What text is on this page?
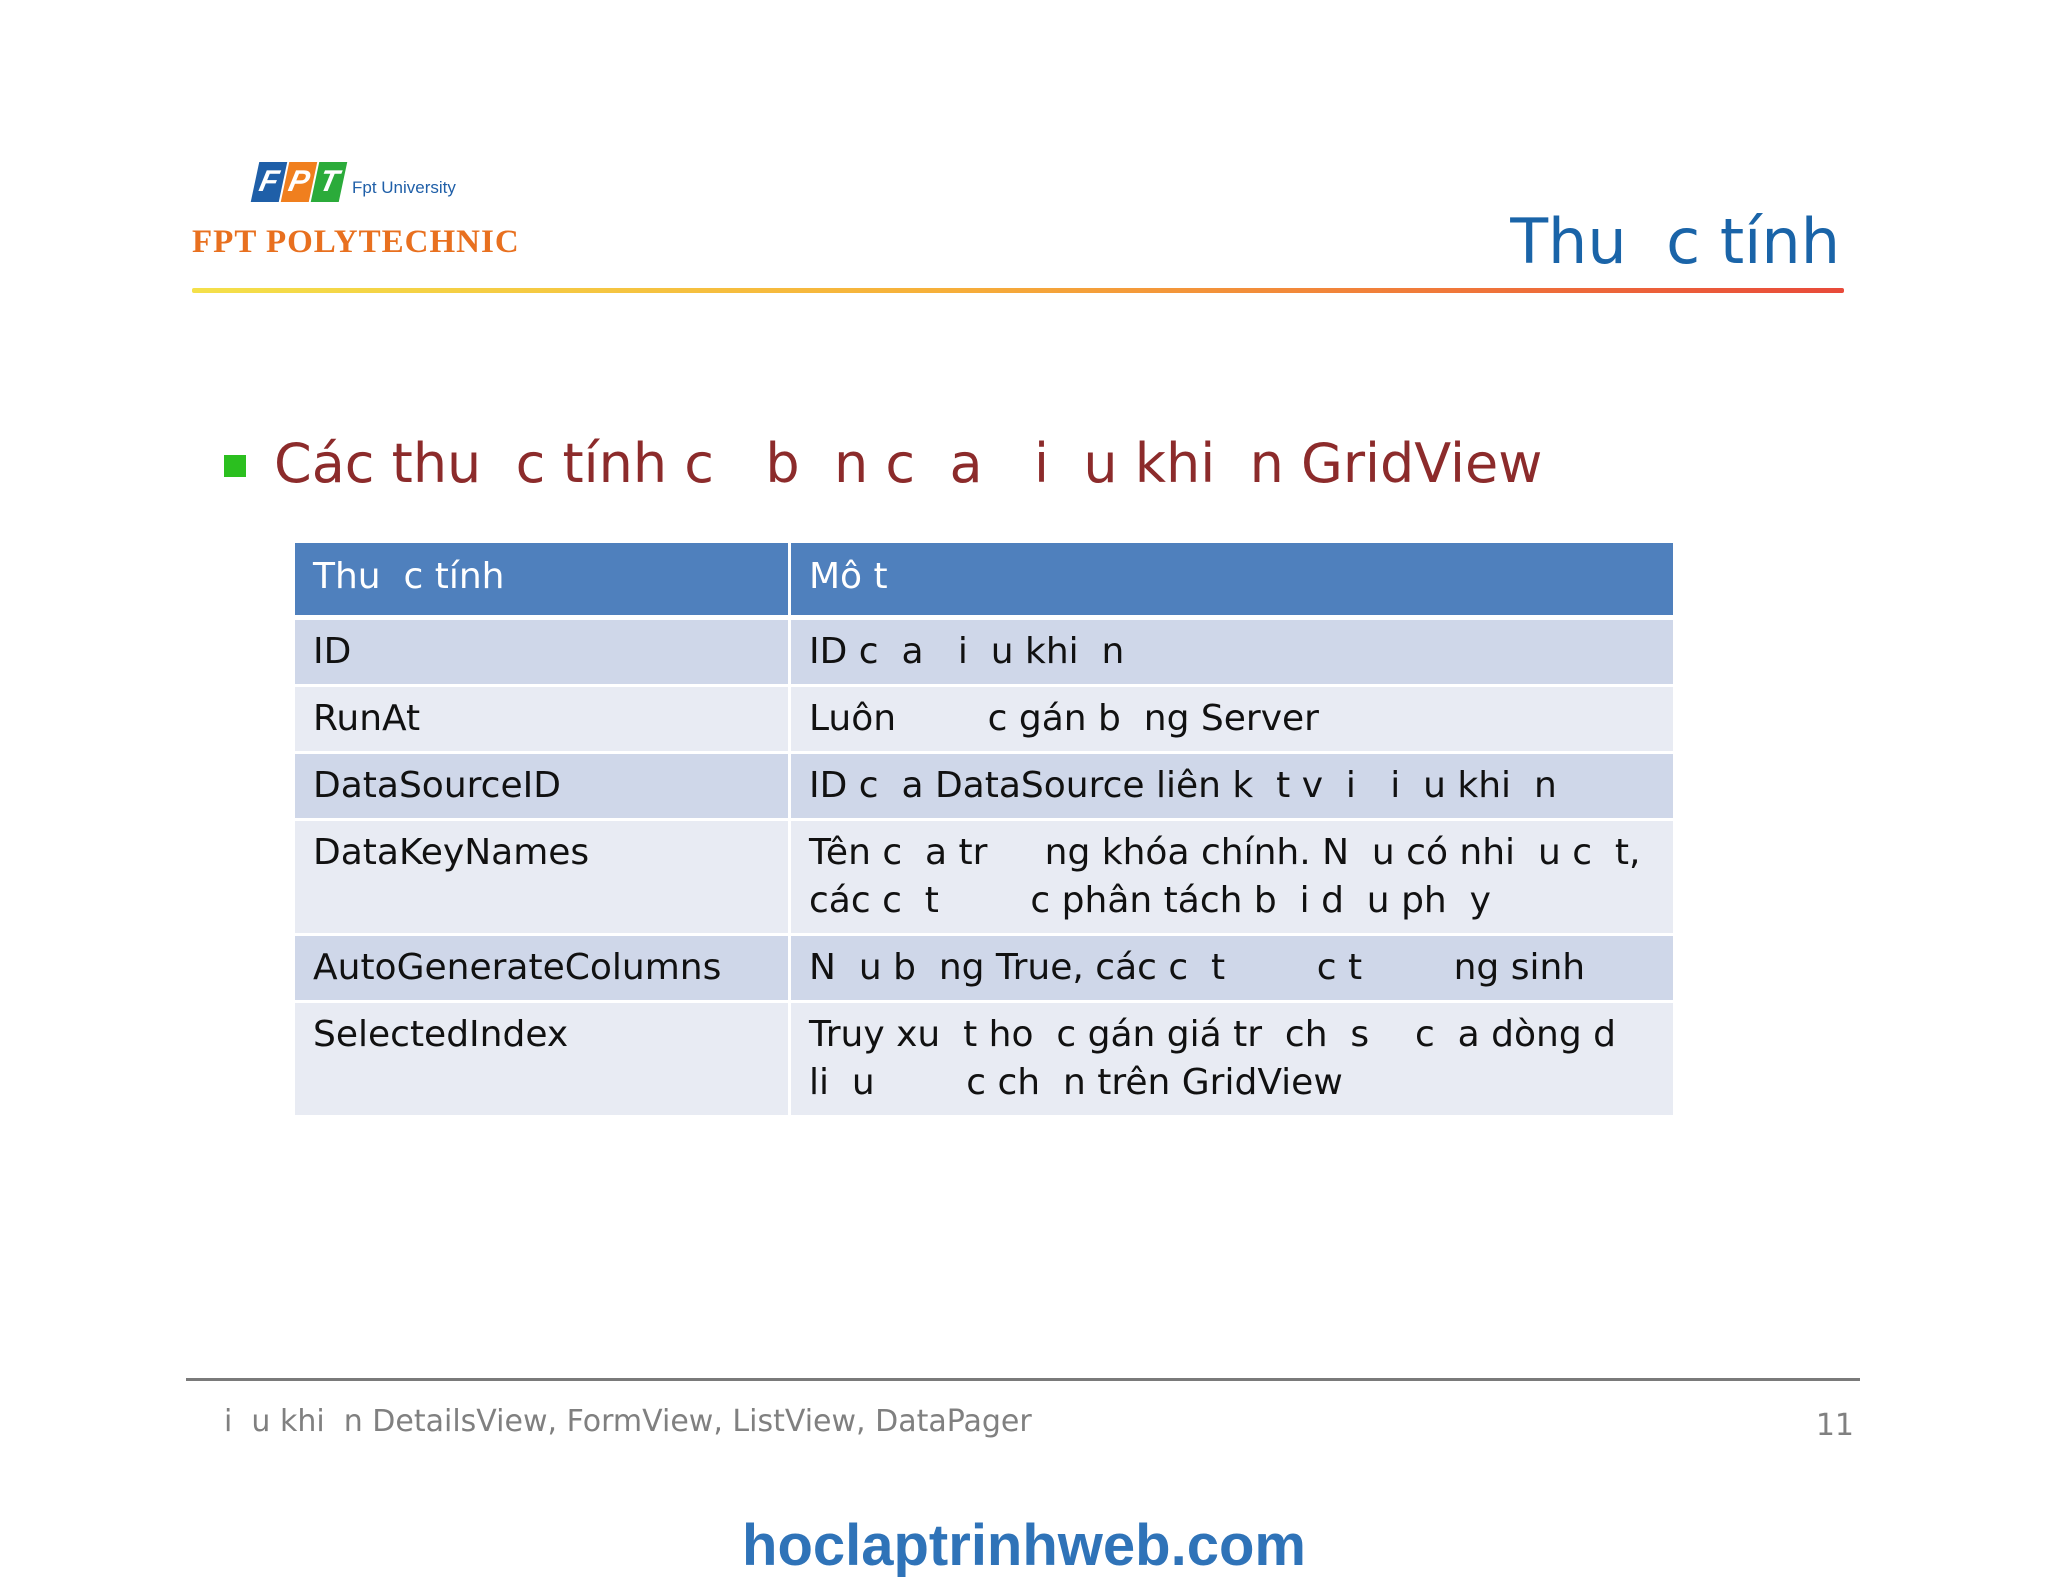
F P T Fpt University
FPT POLYTECHNIC	Thu  c tính
Các thu  c tính c   b  n c  a   i  u khi  n GridView
Thu  c tính	Mô t
ID	ID c  a   i  u khi  n
RunAt	Luôn        c gán b  ng Server
DataSourceID	ID c  a DataSource liên k  t v  i   i  u khi  n
DataKeyNames	Tên c  a tr     ng khóa chính. N  u có nhi  u c  t,
các c  t        c phân tách b  i d  u ph  y
AutoGenerateColumns	N  u b  ng True, các c  t        c t        ng sinh
SelectedIndex	Truy xu  t ho  c gán giá tr  ch  s    c  a dòng d
li  u        c ch  n trên GridView
i  u khi  n DetailsView, FormView, ListView, DataPager	11
hoclaptrinhweb.com
